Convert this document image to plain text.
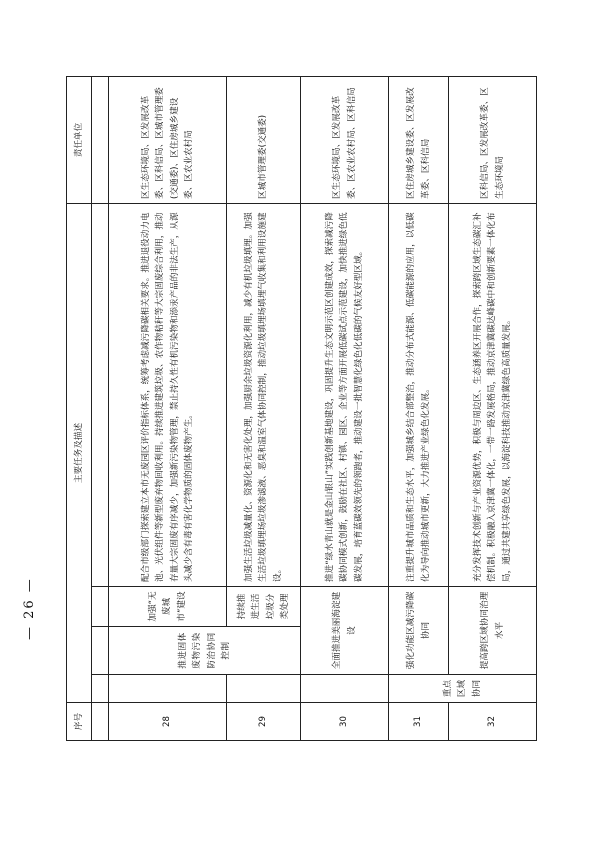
序号	主要任务及描述				责任单位

28		推进固体废物污染防治协同控制	加强“无废城市”建设	配合市级部门探索建立本市无废园区评价指标体系，统筹考虑减污降碳相关要求。推进退役动力电池、光伏组件等新型废弃物回收利用。持续推进建筑垃圾、农作物秸秆等大宗固废综合利用，推动存量大宗固废有序减少，加强新污染物管理，禁止持久性有机污染物和添汞产品的非法生产，从源头减少含有毒有害化学物质的固体废物产生。	区生态环境局、区发展改革委、区科信局、区城市管理委(交通委)、区住房城乡建设委、区农业农村局
29			持续推进生活垃圾分类处理	加强生活垃圾减量化、资源化和无害化处理，加强厨余垃圾资源化利用，减少有机垃圾填埋。加强生活垃圾填埋场垃圾渗滤液、恶臭和温室气体协同控制，推动垃圾填埋场填埋气收集和利用设施建设。	区城市管理委(交通委)
30		全面推进美丽海淀建设		推进“绿水青山就是金山银山”实践创新基地建设，巩固提升生态文明示范区创建成效，探索减污降碳协同模式创新，鼓励在社区、村镇、园区、企业等方面开展低碳试点示范建设，加快推进绿色低碳发展，培育蓝碳效领先的领跑者，推动建设一批智慧化绿色化低碳的气候友好型区域。	区生态环境局、区发展改革委、区农业农村局、区科信局
31	重点区域协同	强化功能区减污降碳协同		注重提升城市品质和生态水平，加强城乡结合部整治，推动分布式能源、低碳能源的应用，以低碳化为导向推动城市更新，大力推进产业绿色化发展。	区住房城乡建设委、区发展改革委、区科信局
32		提高跨区域协同治理水平		充分发挥技术创新与产业资源优势，积极与周边区、生态涵养区开展合作，探索跨区域生态碳汇补偿机制。积极融入京津冀一体化，一带一路发展格局，推动京津冀碳达峰碳中和创新要素一体化布局，通过共建共享绿色发展，以海淀科技推动京津冀绿色高质量发展。	区科信局、区发展改革委、区生态环境局
— 26 —
